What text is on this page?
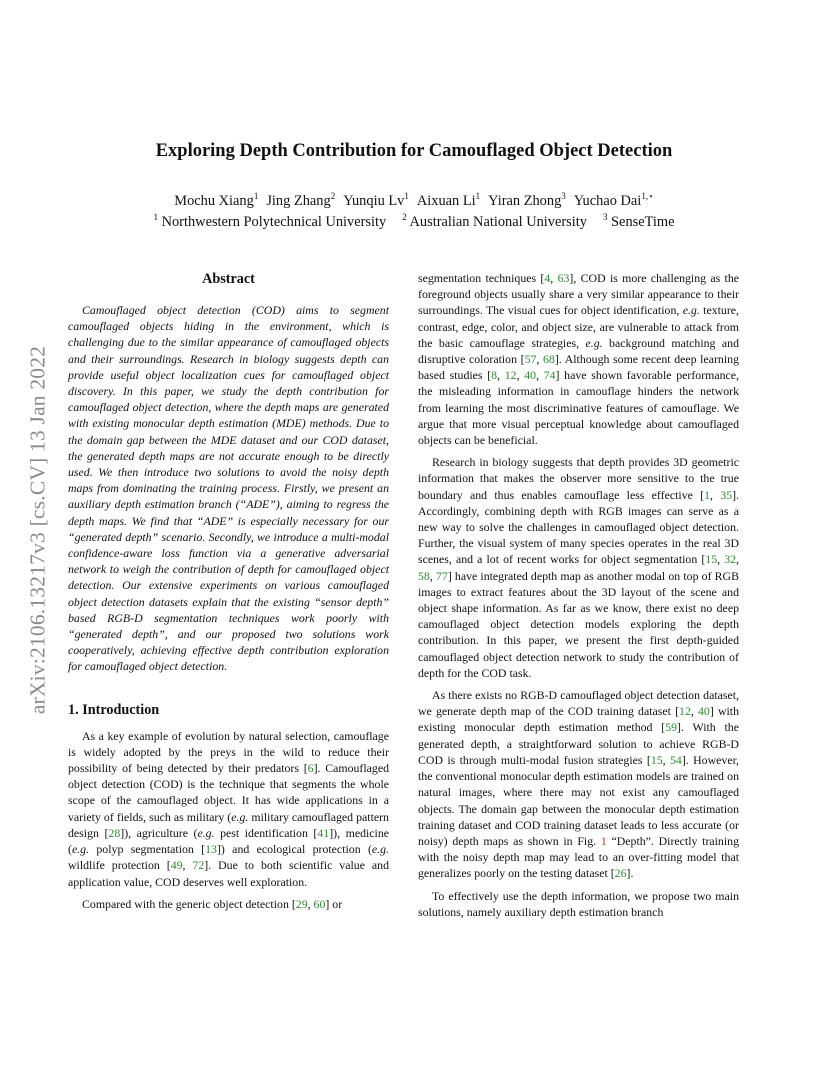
arXiv:2106.13217v3 [cs.CV] 13 Jan 2022
Exploring Depth Contribution for Camouflaged Object Detection
Mochu Xiang$^1$ Jing Zhang$^2$ Yunqiu Lv$^1$ Aixuan Li$^1$ Yiran Zhong$^3$ Yuchao Dai$^{1,⋆}$
$^1$ Northwestern Polytechnical University $^2$ Australian National University $^3$ SenseTime
Abstract

Camouflaged object detection (COD) aims to segment camouflaged objects hiding in the environment, which is challenging due to the similar appearance of camouflaged objects and their surroundings. Research in biology suggests depth can provide useful object localization cues for camouflaged object discovery. In this paper, we study the depth contribution for camouflaged object detection, where the depth maps are generated with existing monocular depth estimation (MDE) methods. Due to the domain gap between the MDE dataset and our COD dataset, the generated depth maps are not accurate enough to be directly used. We then introduce two solutions to avoid the noisy depth maps from dominating the training process. Firstly, we present an auxiliary depth estimation branch (“ADE”), aiming to regress the depth maps. We find that “ADE” is especially necessary for our “generated depth” scenario. Secondly, we introduce a multi-modal confidence-aware loss function via a generative adversarial network to weigh the contribution of depth for camouflaged object detection. Our extensive experiments on various camouflaged object detection datasets explain that the existing “sensor depth” based RGB-D segmentation techniques work poorly with “generated depth”, and our proposed two solutions work cooperatively, achieving effective depth contribution exploration for camouflaged object detection.

1. Introduction

As a key example of evolution by natural selection, camouflage is widely adopted by the preys in the wild to reduce their possibility of being detected by their predators [6]. Camouflaged object detection (COD) is the technique that segments the whole scope of the camouflaged object. It has wide applications in a variety of fields, such as military (e.g. military camouflaged pattern design [28]), agriculture (e.g. pest identification [41]), medicine (e.g. polyp segmentation [13]) and ecological protection (e.g. wildlife protection [49, 72]. Due to both scientific value and application value, COD deserves well exploration.

Compared with the generic object detection [29, 60] or

segmentation techniques [4, 63], COD is more challenging as the foreground objects usually share a very similar appearance to their surroundings. The visual cues for object identification, e.g. texture, contrast, edge, color, and object size, are vulnerable to attack from the basic camouflage strategies, e.g. background matching and disruptive coloration [57, 68]. Although some recent deep learning based studies [8, 12, 40, 74] have shown favorable performance, the misleading information in camouflage hinders the network from learning the most discriminative features of camouflage. We argue that more visual perceptual knowledge about camouflaged objects can be beneficial.

Research in biology suggests that depth provides 3D geometric information that makes the observer more sensitive to the true boundary and thus enables camouflage less effective [1, 35]. Accordingly, combining depth with RGB images can serve as a new way to solve the challenges in camouflaged object detection. Further, the visual system of many species operates in the real 3D scenes, and a lot of recent works for object segmentation [15, 32, 58, 77] have integrated depth map as another modal on top of RGB images to extract features about the 3D layout of the scene and object shape information. As far as we know, there exist no deep camouflaged object detection models exploring the depth contribution. In this paper, we present the first depth-guided camouflaged object detection network to study the contribution of depth for the COD task.

As there exists no RGB-D camouflaged object detection dataset, we generate depth map of the COD training dataset [12, 40] with existing monocular depth estimation method [59]. With the generated depth, a straightforward solution to achieve RGB-D COD is through multi-modal fusion strategies [15, 54]. However, the conventional monocular depth estimation models are trained on natural images, where there may not exist any camouflaged objects. The domain gap between the monocular depth estimation training dataset and COD training dataset leads to less accurate (or noisy) depth maps as shown in Fig. 1 “Depth”. Directly training with the noisy depth map may lead to an over-fitting model that generalizes poorly on the testing dataset [26].

To effectively use the depth information, we propose two main solutions, namely auxiliary depth estimation branch
